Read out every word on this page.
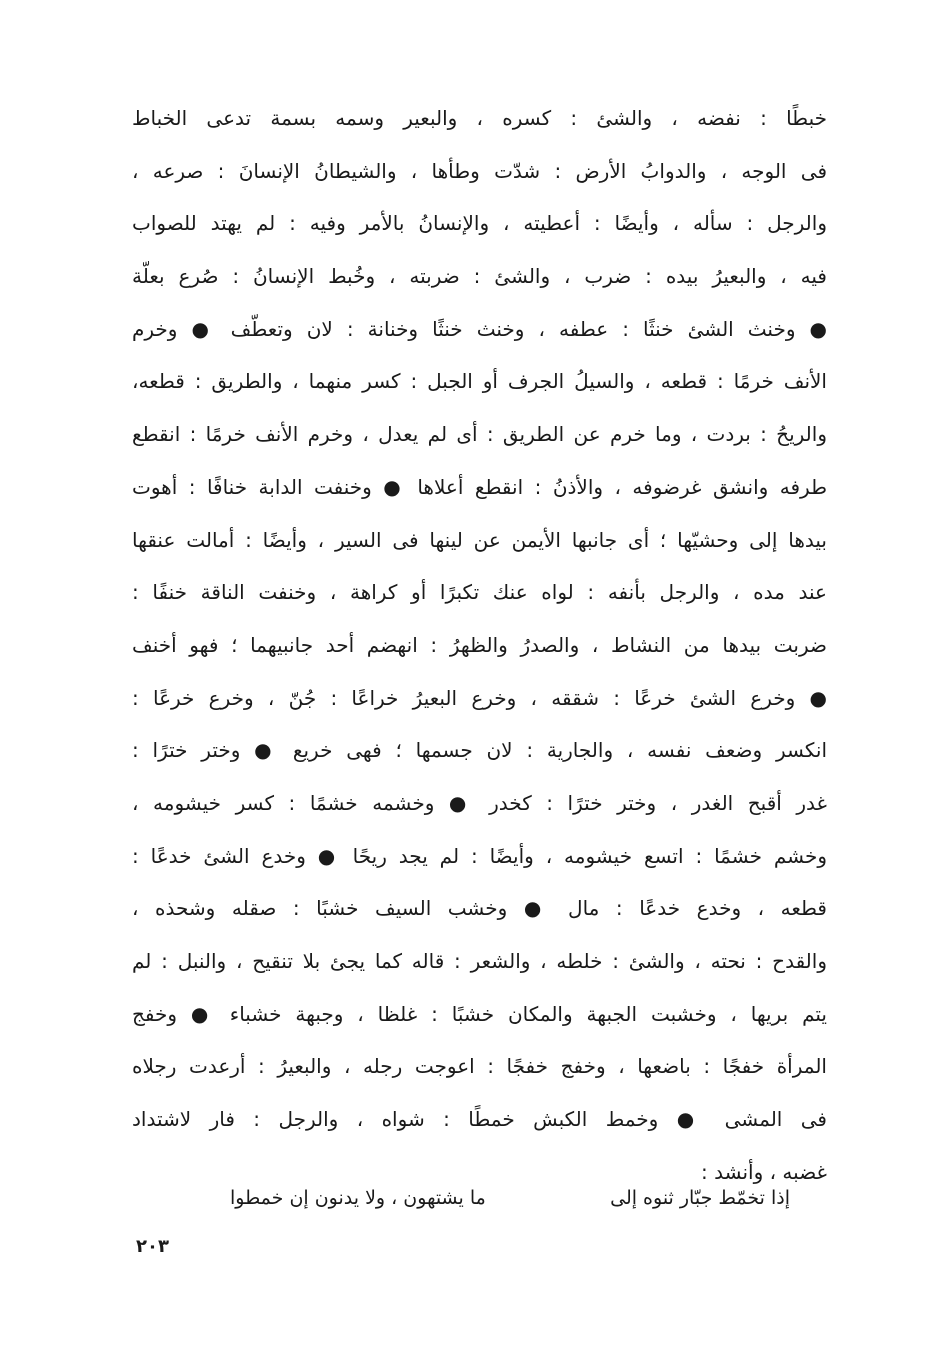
خبطًا : نفضه ، والشئ : كسره ، والبعير وسمه بسمة تدعى الخباط
فى الوجه ، والدوابُ الأرض : شدّت وطأها ، والشيطانُ الإنسانَ : صرعه ،
والرجل : سأله ، وأيضًا : أعطيته ، والإنسانُ بالأمر وفيه : لم يهتد للصواب
فيه ، والبعيرُ بيده : ضرب ، والشئ : ضربته ، وخُبط الإنسانُ : صُرع بعلّة
● وخنث الشئ خنثًا : عطفه ، وخنث خنثًا وخنانة : لان وتعطّف ● وخرم
الأنف خرمًا : قطعه ، والسيلُ الجرف أو الجبل : كسر منهما ، والطريق : قطعه،
والريحُ : بردت ، وما خرم عن الطريق : أى لم يعدل ، وخرم الأنف خرمًا : انقطع
طرفه وانشق غرضوفه ، والأذنُ : انقطع أعلاها ● وخنفت الدابة خنافًا : أهوت
بيدها إلى وحشيّها ؛ أى جانبها الأيمن عن لينها فى السير ، وأيضًا : أمالت عنقها
عند مده ، والرجل بأنفه : لواه عنك تكبرًا أو كراهة ، وخنفت الناقة خنفًا :
ضربت بيدها من النشاط ، والصدرُ والظهرُ : انهضم أحد جانبيهما ؛ فهو أخنف
● وخرع الشئ خرعًا : شققه ، وخرع البعيرُ خراعًا : جُنّ ، وخرع خرعًا :
انكسر وضعف نفسه ، والجارية : لان جسمها ؛ فهى خريع ● وختر خترًا :
غدر أقبح الغدر ، وختر خترًا : كخدر ● وخشمه خشمًا : كسر خيشومه ،
وخشم خشمًا : اتسع خيشومه ، وأيضًا : لم يجد ريحًا ● وخدع الشئ خدعًا :
قطعه ، وخدع خدعًا : مال ● وخشب السيف خشبًا : صقله وشحذه ،
والقدح : نحته ، والشئ : خلطه ، والشعر : قاله كما يجئ بلا تنقيح ، والنبل : لم
يتم بريها ، وخشبت الجبهة والمكان خشبًا : غلظا ، وجبهة خشباء ● وخفج
المرأة خفجًا : باضعها ، وخفج خفجًا : اعوجت رجله ، والبعيرُ : أرعدت رجلاه
فى المشى ● وخمط الكبش خمطًا : شواه ، والرجل : فار لاشتداد
غضبه ، وأنشد :
إذا تخمّط جبّار ثنوه إلى
ما يشتهون ، ولا يدنون إن خمطوا
٢٠٣
